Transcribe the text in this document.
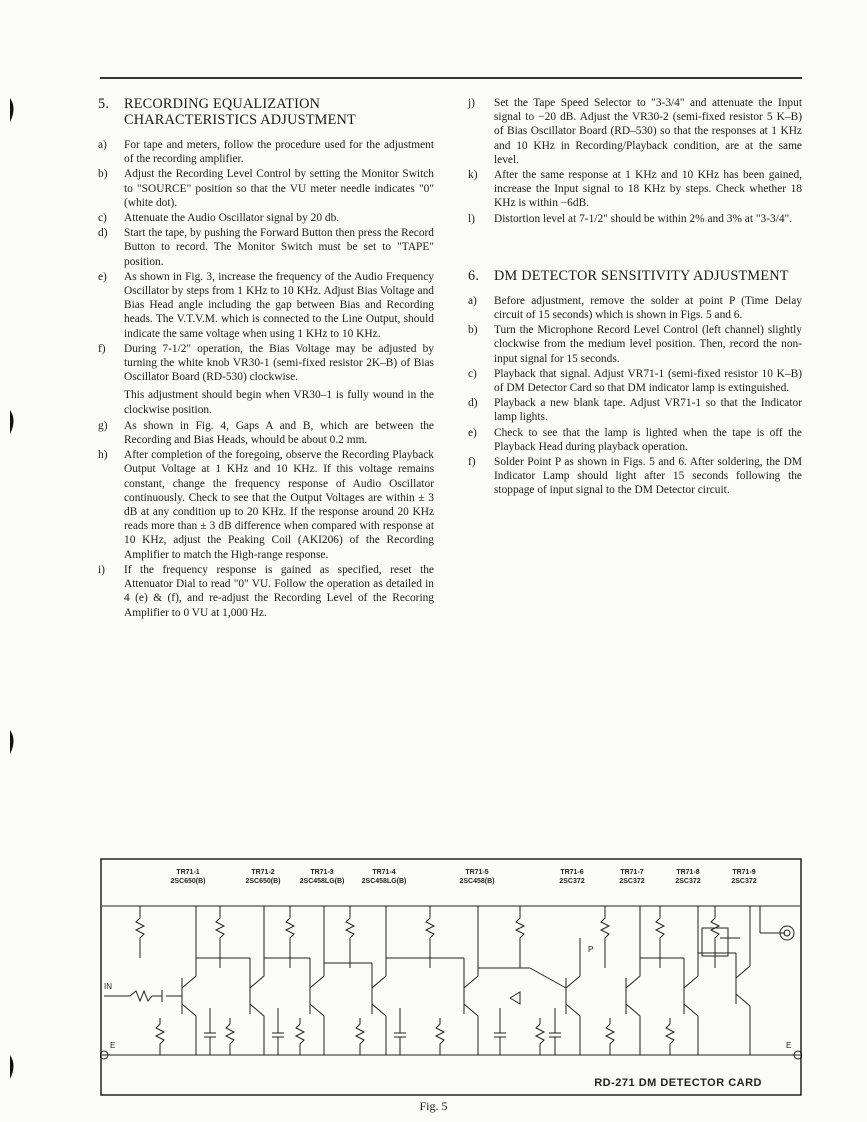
5.	RECORDING EQUALIZATION CHARACTERISTICS ADJUSTMENT
a)	For tape and meters, follow the procedure used for the adjustment of the recording amplifier.
b)	Adjust the Recording Level Control by setting the Monitor Switch to "SOURCE" position so that the VU meter needle indicates "0" (white dot).
c)	Attenuate the Audio Oscillator signal by 20 db.
d)	Start the tape, by pushing the Forward Button then press the Record Button to record. The Monitor Switch must be set to "TAPE" position.
e)	As shown in Fig. 3, increase the frequency of the Audio Frequency Oscillator by steps from 1 KHz to 10 KHz. Adjust Bias Voltage and Bias Head angle including the gap between Bias and Recording heads. The V.T.V.M. which is connected to the Line Output, should indicate the same voltage when using 1 KHz to 10 KHz.
f)	During 7-1/2" operation, the Bias Voltage may be adjusted by turning the white knob VR30-1 (semi-fixed resistor 2K–B) of Bias Oscillator Board (RD-530) clockwise.
This adjustment should begin when VR30–1 is fully wound in the clockwise position.
g)	As shown in Fig. 4, Gaps A and B, which are between the Recording and Bias Heads, whould be about 0.2 mm.
h)	After completion of the foregoing, observe the Recording Playback Output Voltage at 1 KHz and 10 KHz. If this voltage remains constant, change the frequency response of Audio Oscillator continuously. Check to see that the Output Voltages are within ± 3 dB at any condition up to 20 KHz. If the response around 20 KHz reads more than ± 3 dB difference when compared with response at 10 KHz, adjust the Peaking Coil (AKI206) of the Recording Amplifier to match the High-range response.
i)	If the frequency response is gained as specified, reset the Attenuator Dial to read "0" VU. Follow the operation as detailed in 4 (e) & (f), and re-adjust the Recording Level of the Recoring Amplifier to 0 VU at 1,000 Hz.
j)	Set the Tape Speed Selector to "3-3/4" and attenuate the Input signal to −20 dB. Adjust the VR30-2 (semi-fixed resistor 5 K–B) of Bias Oscillator Board (RD–530) so that the responses at 1 KHz and 10 KHz in Recording/Playback condition, are at the same level.
k)	After the same response at 1 KHz and 10 KHz has been gained, increase the Input signal to 18 KHz by steps. Check whether 18 KHz is within −6dB.
l)	Distortion level at 7-1/2" should be within 2% and 3% at "3-3/4".
6.	DM DETECTOR SENSITIVITY ADJUSTMENT
a)	Before adjustment, remove the solder at point P (Time Delay circuit of 15 seconds) which is shown in Figs. 5 and 6.
b)	Turn the Microphone Record Level Control (left channel) slightly clockwise from the medium level position. Then, record the non-input signal for 15 seconds.
c)	Playback that signal. Adjust VR71-1 (semi-fixed resistor 10 K–B) of DM Detector Card so that DM indicator lamp is extinguished.
d)	Playback a new blank tape. Adjust VR71-1 so that the Indicator lamp lights.
e)	Check to see that the lamp is lighted when the tape is off the Playback Head during playback operation.
f)	Solder Point P as shown in Figs. 5 and 6. After soldering, the DM Indicator Lamp should light after 15 seconds following the stoppage of input signal to the DM Detector circuit.
TR71-1
2SC650(B)
TR71-2
2SC650(B)
TR71-3
2SC458LG(B)
TR71-4
2SC458LG(B)
TR71-5
2SC458(B)
TR71-6
2SC372
TR71-7
2SC372
TR71-8
2SC372
TR71-9
2SC372
IN
E	E
P
RD-271 DM DETECTOR CARD
Fig. 5
